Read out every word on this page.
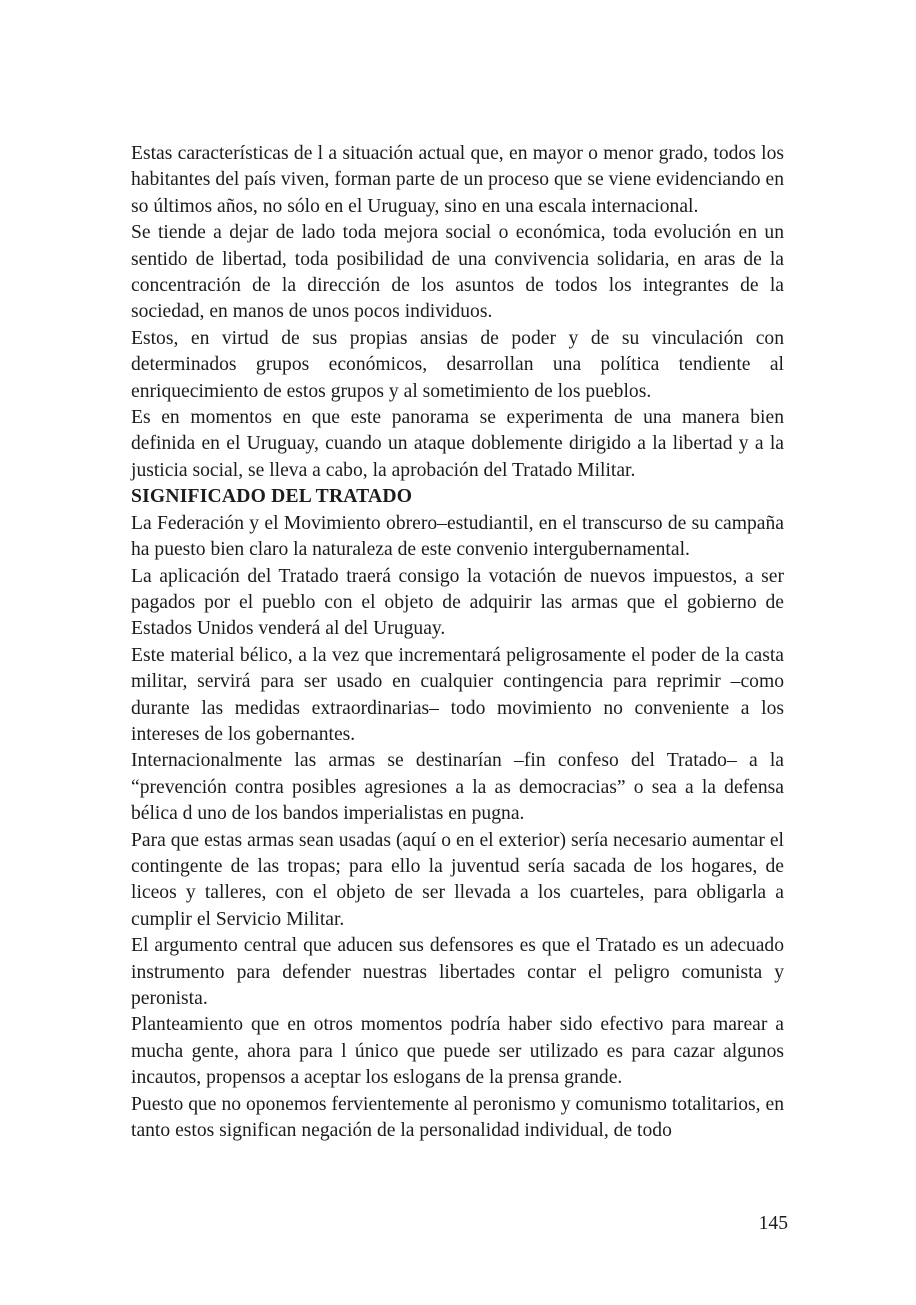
Estas características de l a situación actual que, en mayor o menor grado, todos los habitantes del país viven, forman parte de un proceso que se viene evidenciando en so últimos años, no sólo en el Uruguay, sino en una escala internacional.

Se tiende a dejar de lado toda mejora social o económica, toda evolución en un sentido de libertad, toda posibilidad de una convivencia solidaria, en aras de la concentración de la dirección de los asuntos de todos los integrantes de la sociedad, en manos de unos pocos individuos.

Estos, en virtud de sus propias ansias de poder y de su vinculación con determinados grupos económicos, desarrollan una política tendiente al enriquecimiento de estos grupos y al sometimiento de los pueblos.

Es en momentos en que este panorama se experimenta de una manera bien definida en el Uruguay, cuando un ataque doblemente dirigido a la libertad y a la justicia social, se lleva a cabo, la aprobación del Tratado Militar.

SIGNIFICADO DEL TRATADO

La Federación y el Movimiento obrero–estudiantil, en el transcurso de su campaña ha puesto bien claro la naturaleza de este convenio intergubernamental.

La aplicación del Tratado traerá consigo la votación de nuevos impuestos, a ser pagados por el pueblo con el objeto de adquirir las armas que el gobierno de Estados Unidos venderá al del Uruguay.

Este material bélico, a la vez que incrementará peligrosamente el poder de la casta militar, servirá para ser usado en cualquier contingencia para reprimir –como durante las medidas extraordinarias– todo movimiento no conveniente a los intereses de los gobernantes.

Internacionalmente las armas se destinarían –fin confeso del Tratado– a la “prevención contra posibles agresiones a la as democracias” o sea a la defensa bélica d uno de los bandos imperialistas en pugna.

Para que estas armas sean usadas (aquí o en el exterior) sería necesario aumentar el contingente de las tropas; para ello la juventud sería sacada de los hogares, de liceos y talleres, con el objeto de ser llevada a los cuarteles, para obligarla a cumplir el Servicio Militar.

El argumento central que aducen sus defensores es que el Tratado es un adecuado instrumento para defender nuestras libertades contar el peligro comunista y peronista.

Planteamiento que en otros momentos podría haber sido efectivo para marear a mucha gente, ahora para l único que puede ser utilizado es para cazar algunos incautos, propensos a aceptar los eslogans de la prensa grande.

Puesto que no oponemos fervientemente al peronismo y comunismo totalitarios, en tanto estos significan negación de la personalidad individual, de todo

145
